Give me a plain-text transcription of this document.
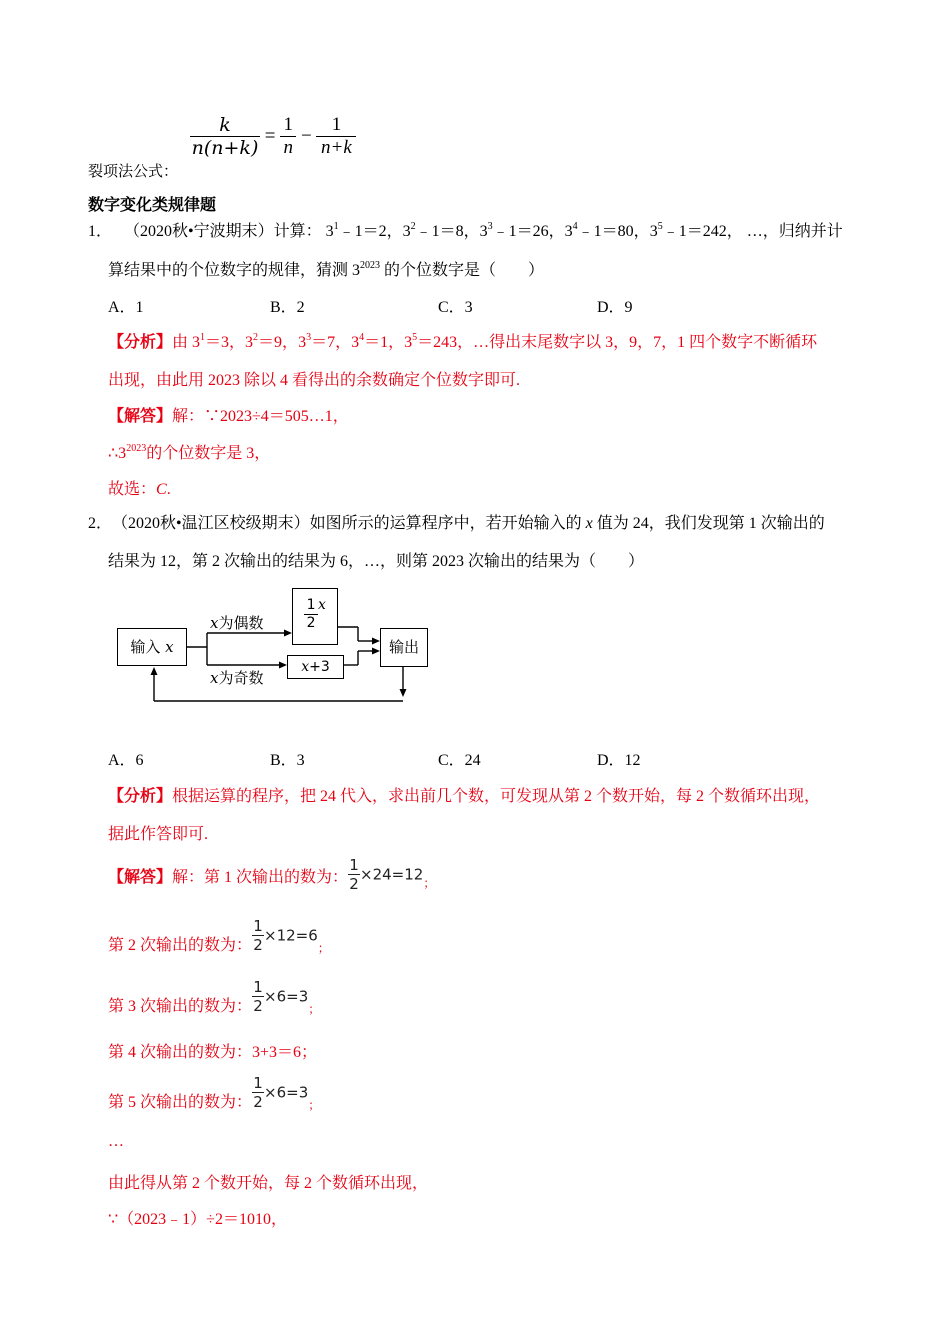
裂项法公式：
$\frac{k}{n(n+k)} = \frac{1}{n} - \frac{1}{n+k}$
数字变化类规律题
1． （2020秋•宁波期末）计算： $3^1﹣1=2$，$3^2﹣1=8$，$3^3﹣1=26$，$3^4﹣1=80$，$3^5﹣1=242$， …，归纳并计
算结果中的个位数字的规律，猜测 $3^{2023}$ 的个位数字是（　　）
A．1	B．2	C．3	D．9
【分析】由 $3^1=3$，$3^2=9$，$3^3=7$，$3^4=1$，$3^5=243$，…得出末尾数字以 3，9，7，1 四个数字不断循环
出现，由此用 2023 除以 4 看得出的余数确定个位数字即可.
【解答】解：∵2023÷4＝505…1，
$\therefore 3^{2023}$的个位数字是 3，
故选：C.
2． （2020秋•温江区校级期末）如图所示的运算程序中，若开始输入的 x 值为 24，我们发现第 1 次输出的
结果为 12，第 2 次输出的结果为 6，…，则第 2023 次输出的结果为（　　）
输入 x
x为偶数
x为奇数
$\frac{1}{2}$ x
x+3
输出
A．6	B．3	C．24	D．12
【分析】根据运算的程序，把 24 代入，求出前几个数，可发现从第 2 个数开始，每 2 个数循环出现，
据此作答即可.
【解答】解：第 1 次输出的数为： $\frac{1}{2} \times 24=12_;$
第 2 次输出的数为： $\frac{1}{2} \times 12=6_;$
第 3 次输出的数为： $\frac{1}{2} \times 6=3_;$
第 4 次输出的数为：3+3＝6；
第 5 次输出的数为： $\frac{1}{2} \times 6=3_;$
…
由此得从第 2 个数开始，每 2 个数循环出现，
∵（2023﹣1）÷2＝1010，
